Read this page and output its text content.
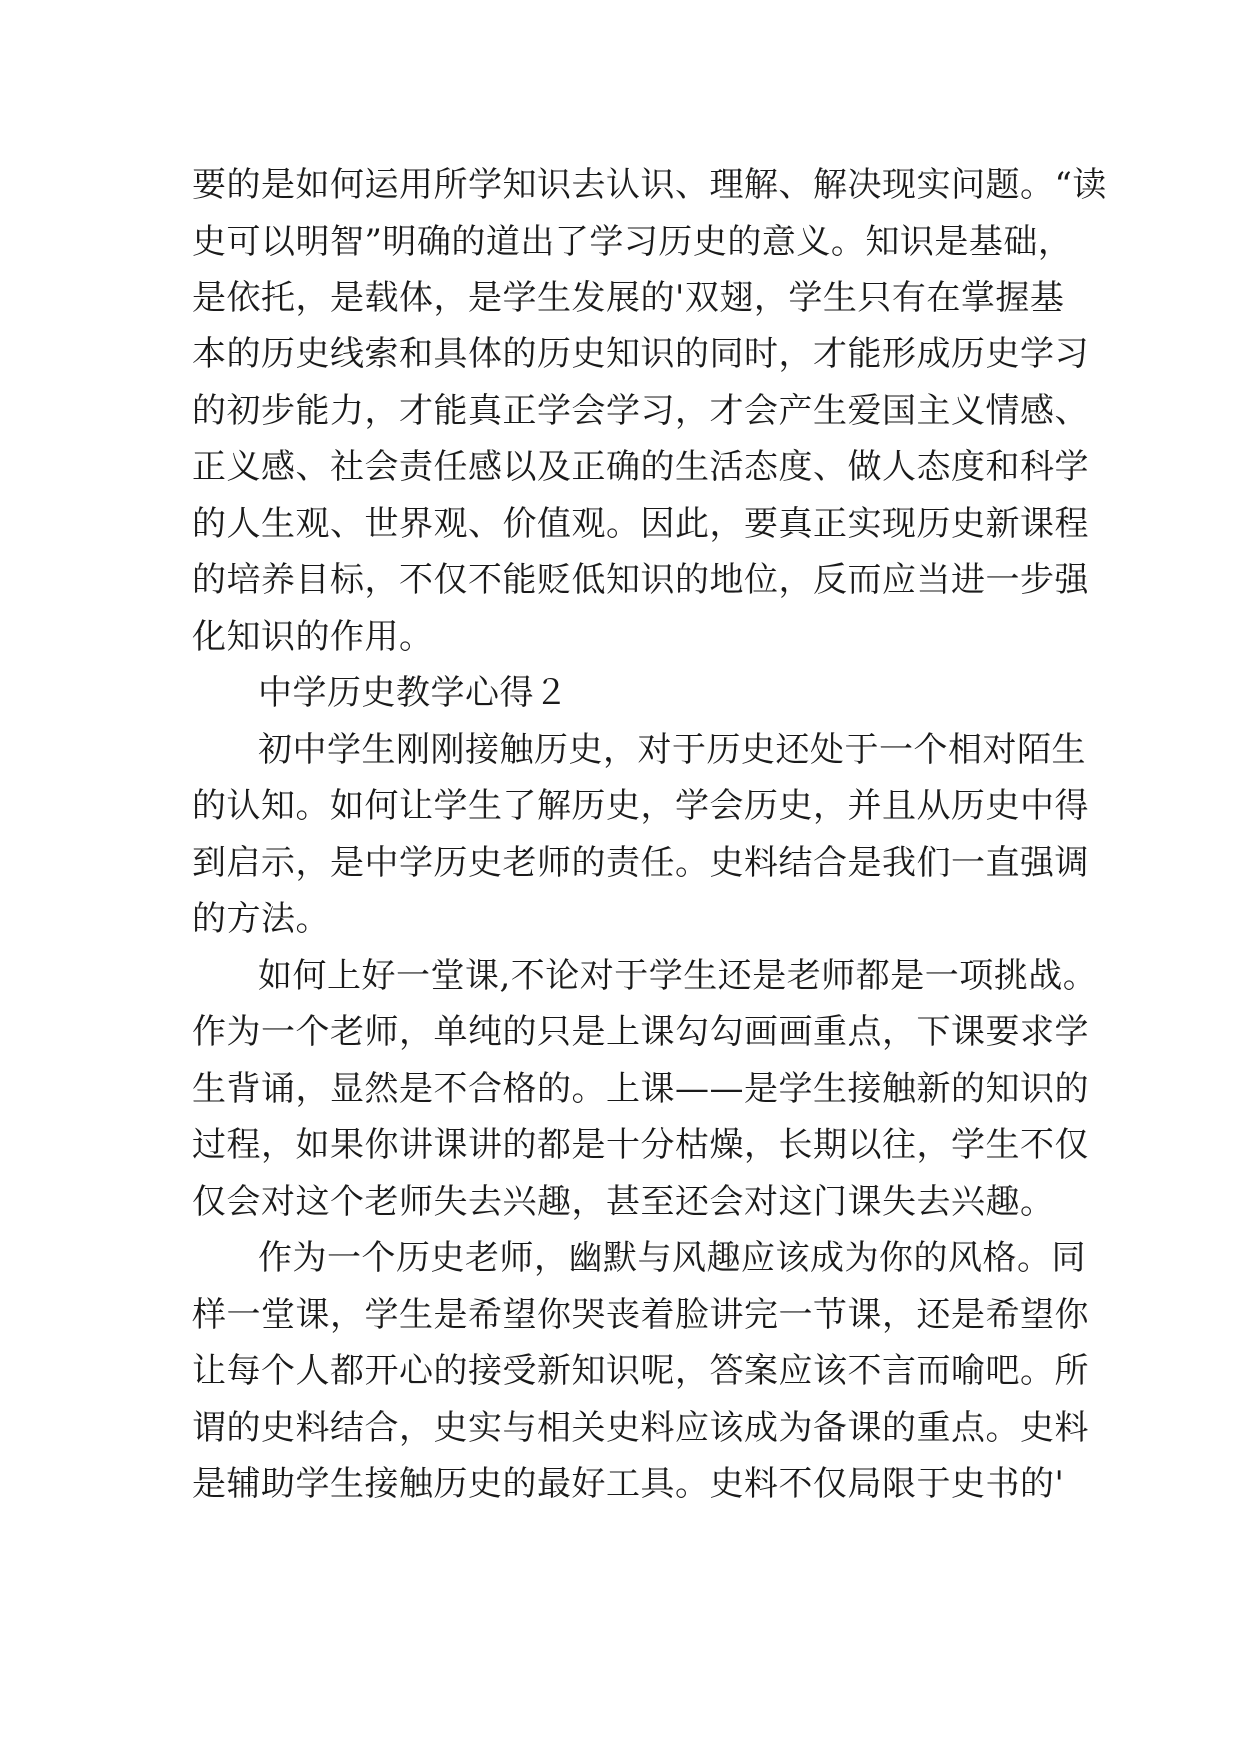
要的是如何运用所学知识去认识、理解、解决现实问题。“读
史可以明智”明确的道出了学习历史的意义。知识是基础，
是依托，是载体，是学生发展的'双翅，学生只有在掌握基
本的历史线索和具体的历史知识的同时，才能形成历史学习
的初步能力，才能真正学会学习，才会产生爱国主义情感、
正义感、社会责任感以及正确的生活态度、做人态度和科学
的人生观、世界观、价值观。因此，要真正实现历史新课程
的培养目标，不仅不能贬低知识的地位，反而应当进一步强
化知识的作用。
中学历史教学心得２
初中学生刚刚接触历史，对于历史还处于一个相对陌生
的认知。如何让学生了解历史，学会历史，并且从历史中得
到启示，是中学历史老师的责任。史料结合是我们一直强调
的方法。
如何上好一堂课,不论对于学生还是老师都是一项挑战。
作为一个老师，单纯的只是上课勾勾画画重点，下课要求学
生背诵，显然是不合格的。上课——是学生接触新的知识的
过程，如果你讲课讲的都是十分枯燥，长期以往，学生不仅
仅会对这个老师失去兴趣，甚至还会对这门课失去兴趣。
作为一个历史老师，幽默与风趣应该成为你的风格。同
样一堂课，学生是希望你哭丧着脸讲完一节课，还是希望你
让每个人都开心的接受新知识呢，答案应该不言而喻吧。所
谓的史料结合，史实与相关史料应该成为备课的重点。史料
是辅助学生接触历史的最好工具。史料不仅局限于史书的'
